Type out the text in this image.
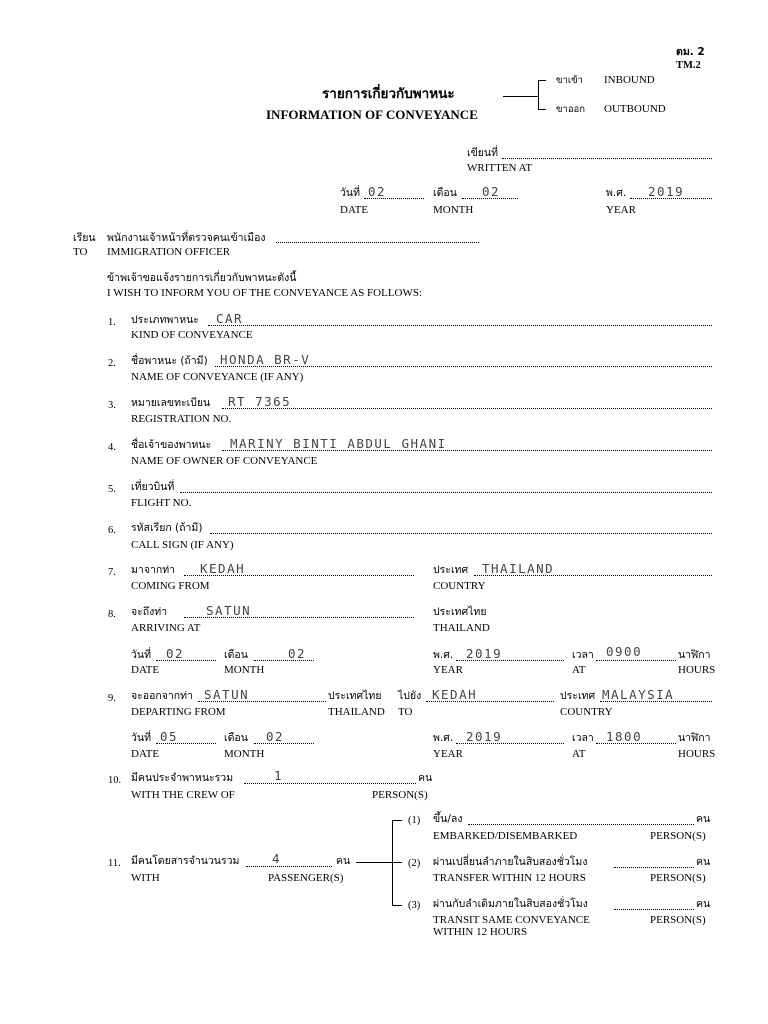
ตม. 2
TM.2
รายการเกี่ยวกับพาหนะ
INFORMATION OF CONVEYANCE
ขาเข้า INBOUND
ขาออก OUTBOUND
เขียนที่
WRITTEN AT
วันที่ 02
DATE
เดือน 02
MONTH
พ.ศ. 2019
YEAR
เรียน พนักงานเจ้าหน้าที่ตรวจคนเข้าเมือง
TO IMMIGRATION OFFICER
ข้าพเจ้าขอแจ้งรายการเกี่ยวกับพาหนะดังนี้
I WISH TO INFORM YOU OF THE CONVEYANCE AS FOLLOWS:
1. ประเภทพาหนะ CAR
KIND OF CONVEYANCE
2. ชื่อพาหนะ (ถ้ามี) HONDA BR-V
NAME OF CONVEYANCE (IF ANY)
3. หมายเลขทะเบียน RT 7365
REGISTRATION NO.
4. ชื่อเจ้าของพาหนะ MARINY BINTI ABDUL GHANI
NAME OF OWNER OF CONVEYANCE
5. เที่ยวบินที่
FLIGHT NO.
6. รหัสเรียก (ถ้ามี)
CALL SIGN (IF ANY)
7. มาจากท่า KEDAH
COMING FROM
ประเทศ THAILAND
COUNTRY
8. จะถึงท่า	SATUN
ARRIVING AT
ประเทศไทย
THAILAND
วันที่ 02
DATE
เดือน	02
MONTH
พ.ศ. 2019
YEAR
เวลา 0900
AT
นาฬิกา
HOURS
9. จะออกจากท่า SATUN
DEPARTING FROM
ประเทศไทย
THAILAND
ไปยัง
TO
KEDAH	ประเทศ MALAYSIA
COUNTRY
วันที่ 05
DATE
เดือน 02
MONTH
พ.ศ. 2019
YEAR
เวลา 1800
AT
นาฬิกา
HOURS
10. มีคนประจำพาหนะรวม	1	คน
WITH THE CREW OF	PERSON(S)
11. มีคนโดยสารจำนวนรวม	4	คน
WITH	PASSENGER(S)
(1) ขึ้น/ลง	คน
EMBARKED/DISEMBARKED	PERSON(S)
(2) ผ่านเปลี่ยนลำภายในสิบสองชั่วโมง	คน
TRANSFER WITHIN 12 HOURS	PERSON(S)
(3) ผ่านกับลำเดิมภายในสิบสองชั่วโมง	คน
TRANSIT SAME CONVEYANCE	PERSON(S)
WITHIN 12 HOURS
